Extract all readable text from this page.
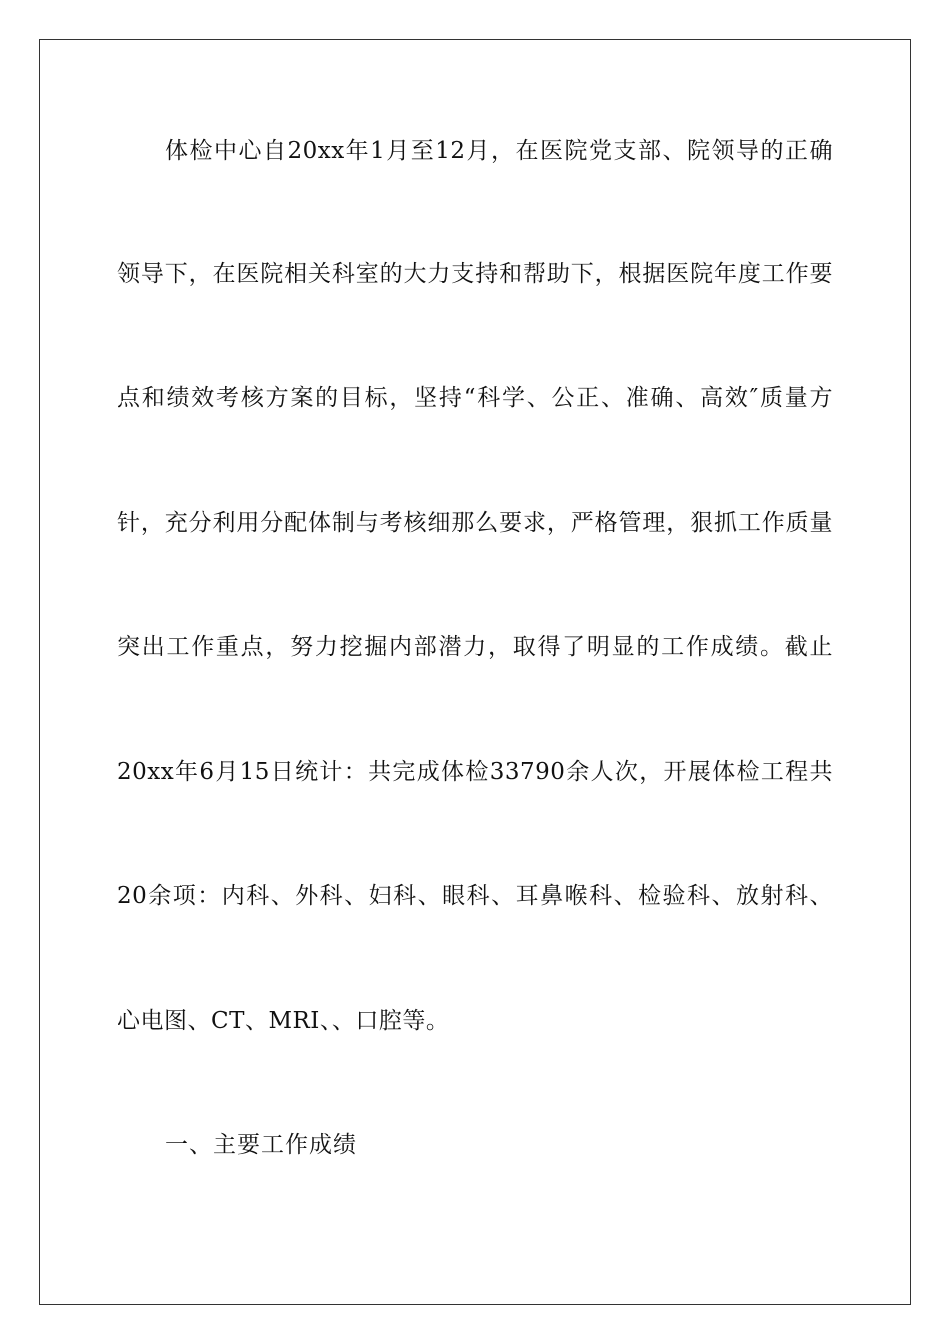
体检中心自20xx年1月至12月，在医院党支部、院领导的正确
领导下，在医院相关科室的大力支持和帮助下，根据医院年度工作要
点和绩效考核方案的目标，坚持“科学、公正、准确、高效″质量方
针，充分利用分配体制与考核细那么要求，严格管理，狠抓工作质量
突出工作重点，努力挖掘内部潜力，取得了明显的工作成绩。截止
20xx年6月15日统计：共完成体检33790余人次，开展体检工程共
20余项：内科、外科、妇科、眼科、耳鼻喉科、检验科、放射科、
心电图、CT、MRI、、口腔等。
一、主要工作成绩
